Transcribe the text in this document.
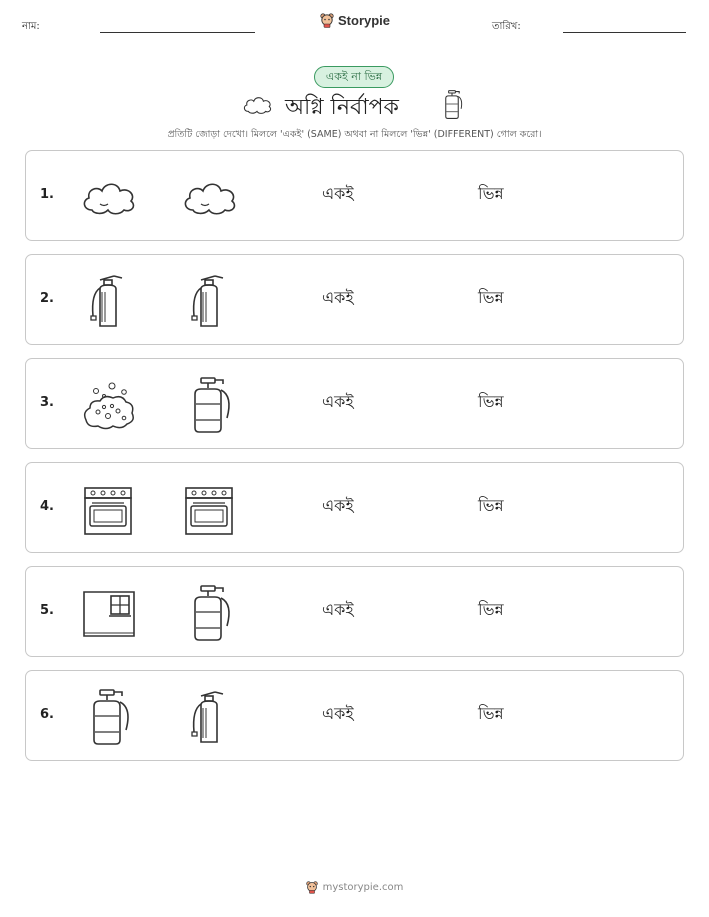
নাম:	Storypie	তারিখ:
একই না ভিন্ন
অগ্নি নির্বাপক
প্রতিটি জোড়া দেখো। মিললে 'একই' (SAME) অথবা না মিললে 'ভিন্ন' (DIFFERENT) গোল করো।
1.	একই	ভিন্ন
2.	একই	ভিন্ন
3.	একই	ভিন্ন
4.	একই	ভিন্ন
5.	একই	ভিন্ন
6.	একই	ভিন্ন
mystorypie.com
